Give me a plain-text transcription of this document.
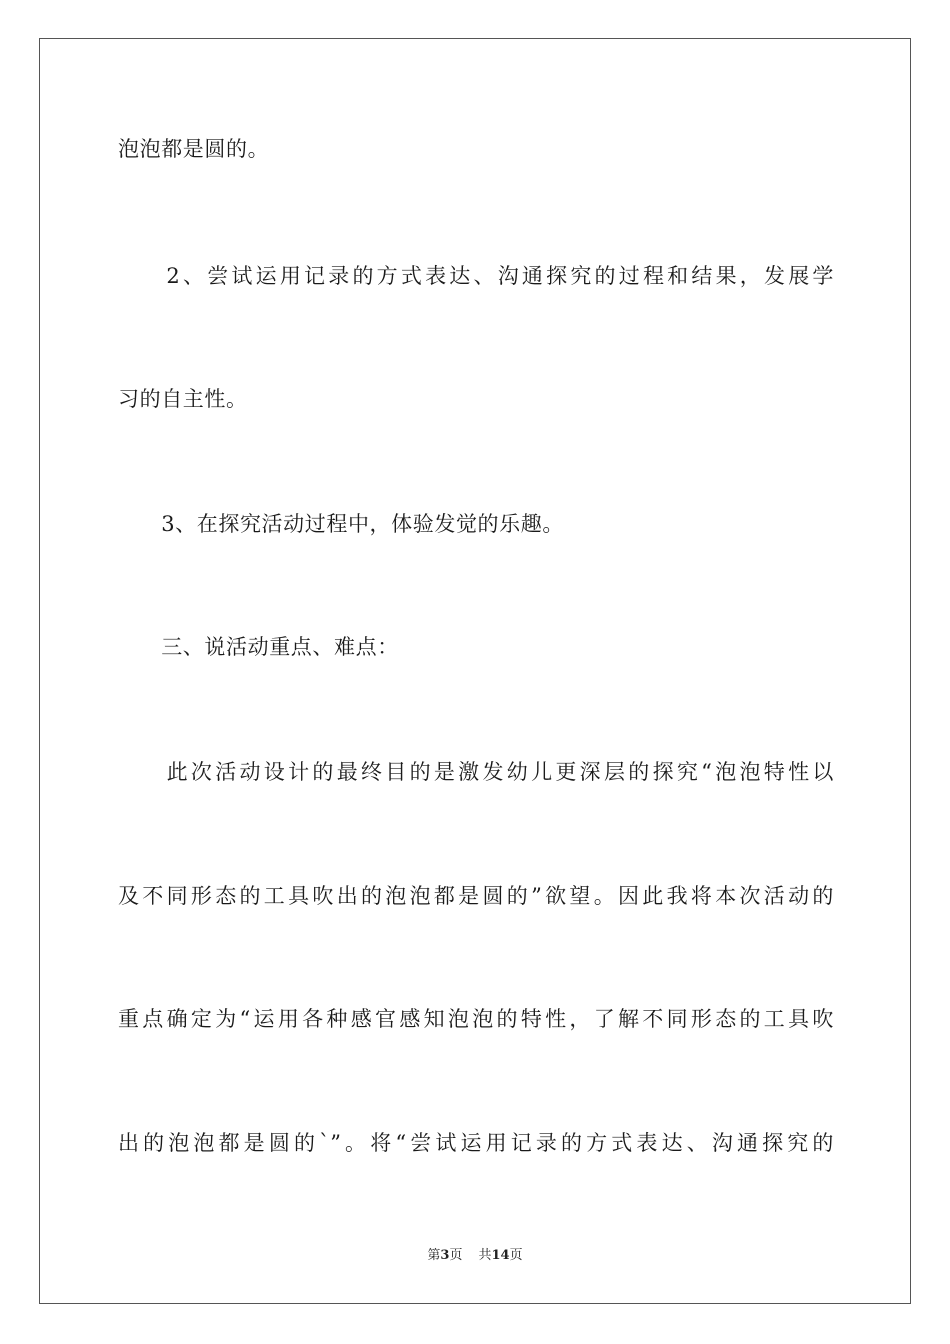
泡泡都是圆的。
　　2、尝试运用记录的方式表达、沟通探究的过程和结果，发展学
习的自主性。
　　3、在探究活动过程中，体验发觉的乐趣。
　　三、说活动重点、难点：
　　此次活动设计的最终目的是激发幼儿更深层的探究“泡泡特性以
及不同形态的工具吹出的泡泡都是圆的”欲望。因此我将本次活动的
重点确定为“运用各种感官感知泡泡的特性，了解不同形态的工具吹
出的泡泡都是圆的`”。将“尝试运用记录的方式表达、沟通探究的
第3页 共14页
